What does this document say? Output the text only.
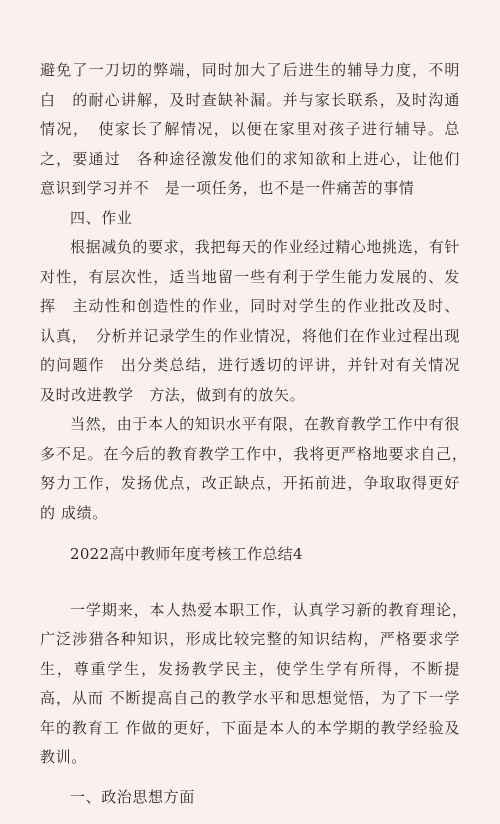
避免了一刀切的弊端，同时加大了后进生的辅导力度，不明白　的耐心讲解，及时查缺补漏。并与家长联系，及时沟通情况，　使家长了解情况，以便在家里对孩子进行辅导。总之，要通过　各种途径激发他们的求知欲和上进心，让他们意识到学习并不　是一项任务，也不是一件痛苦的事情

四、作业

根据减负的要求，我把每天的作业经过精心地挑选，有针　对性，有层次性，适当地留一些有利于学生能力发展的、发挥　主动性和创造性的作业，同时对学生的作业批改及时、认真，　分析并记录学生的作业情况，将他们在作业过程出现的问题作　出分类总结，进行透切的评讲，并针对有关情况及时改进教学　方法，做到有的放矢。

当然，由于本人的知识水平有限，在教育教学工作中有很　多不足。在今后的教育教学工作中，我将更严格地要求自己，　努力工作，发扬优点，改正缺点，开拓前进，争取取得更好的 成绩。

2022高中教师年度考核工作总结4

一学期来，本人热爱本职工作，认真学习新的教育理论，　广泛涉猎各种知识，形成比较完整的知识结构，严格要求学生，尊重学生，发扬教学民主，使学生学有所得，不断提高，从而 不断提高自己的教学水平和思想觉悟，为了下一学年的教育工 作做的更好，下面是本人的本学期的教学经验及教训。

一、政治思想方面
